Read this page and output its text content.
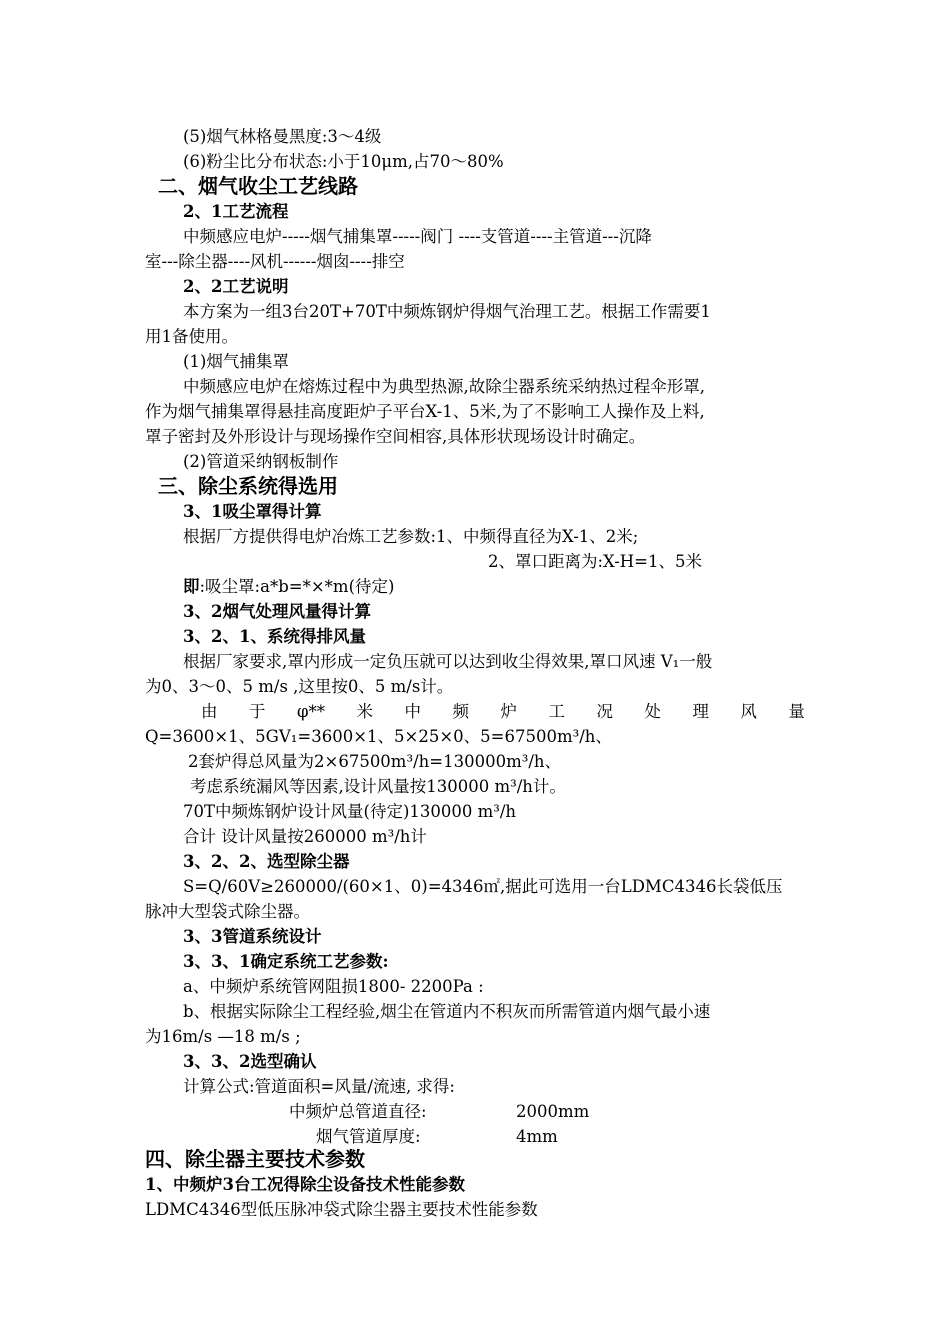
(5)烟气林格曼黑度:3～4级
(6)粉尘比分布状态:小于10μm,占70～80%
二、烟气收尘工艺线路
2、1工艺流程
中频感应电炉-----烟气捕集罩-----阀门 ----支管道----主管道---沉降
室---除尘器----风机------烟囱----排空
2、2工艺说明
本方案为一组3台20T+70T中频炼钢炉得烟气治理工艺。根据工作需要1
用1备使用。
(1)烟气捕集罩
中频感应电炉在熔炼过程中为典型热源,故除尘器系统采纳热过程伞形罩,
作为烟气捕集罩得悬挂高度距炉子平台X-1、5米,为了不影响工人操作及上料,
罩子密封及外形设计与现场操作空间相容,具体形状现场设计时确定。
(2)管道采纳钢板制作
三、除尘系统得选用
3、1吸尘罩得计算
根据厂方提供得电炉冶炼工艺参数:1、中频得直径为X-1、2米;
2、罩口距离为:X-H=1、5米
即:吸尘罩:a*b=*×*m(待定)
3、2烟气处理风量得计算
3、2、1、系统得排风量
根据厂家要求,罩内形成一定负压就可以达到收尘得效果,罩口风速 V₁一般
为0、3～0、5 m/s ,这里按0、5 m/s计。
由 于 φ** 米 中 频 炉 工 况 处 理 风 量
Q=3600×1、5GV₁=3600×1、5×25×0、5=67500m³/h、
2套炉得总风量为2×67500m³/h=130000m³/h、
考虑系统漏风等因素,设计风量按130000 m³/h计。
70T中频炼钢炉设计风量(待定)130000 m³/h
合计 设计风量按260000 m³/h计
3、2、2、选型除尘器
S=Q/60V≥260000/(60×1、0)=4346㎡,据此可选用一台LDMC4346长袋低压
脉冲大型袋式除尘器。
3、3管道系统设计
3、3、1确定系统工艺参数:
a、中频炉系统管网阻损1800- 2200Pa :
b、根据实际除尘工程经验,烟尘在管道内不积灰而所需管道内烟气最小速
为16m/s —18 m/s ;
3、3、2选型确认
计算公式:管道面积=风量/流速, 求得:
中频炉总管道直径:	2000mm
烟气管道厚度:	4mm
四、除尘器主要技术参数
1、中频炉3台工况得除尘设备技术性能参数
LDMC4346型低压脉冲袋式除尘器主要技术性能参数
